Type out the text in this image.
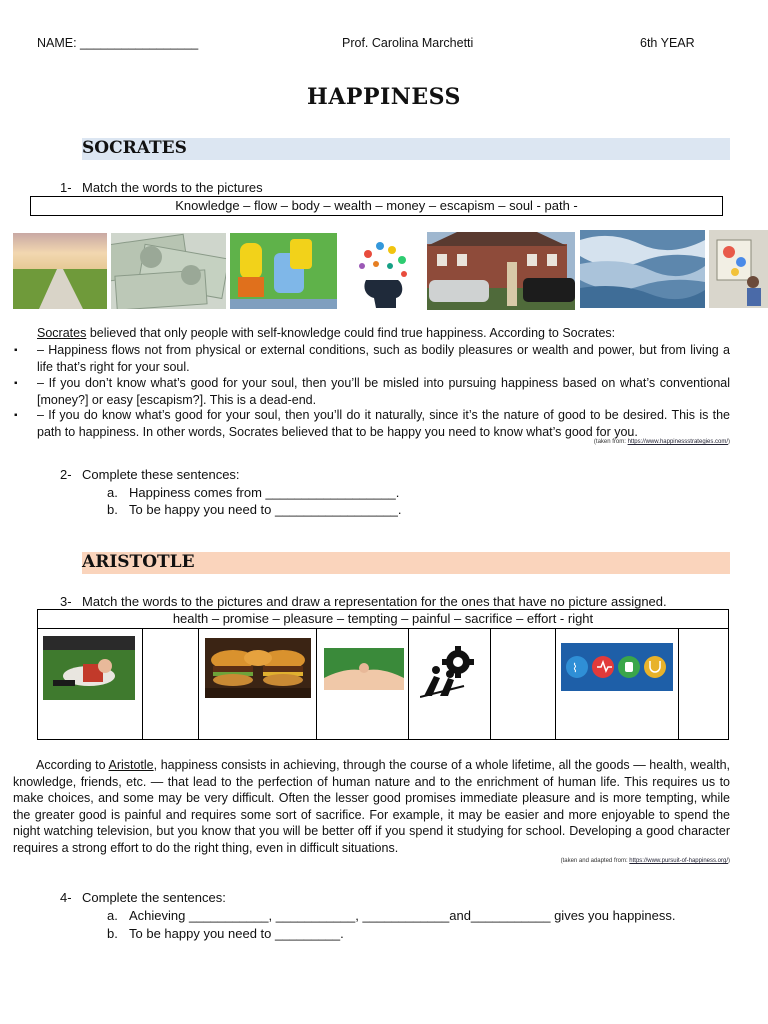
NAME: _________________	Prof. Carolina Marchetti	6th YEAR
HAPPINESS
SOCRATES
1- Match the words to the pictures
Knowledge – flow – body – wealth – money – escapism – soul - path -
Socrates believed that only people with self-knowledge could find true happiness. According to Socrates:
▪ – Happiness flows not from physical or external conditions, such as bodily pleasures or wealth and power, but from living a life that’s right for your soul.
▪ – If you don’t know what’s good for your soul, then you’ll be misled into pursuing happiness based on what’s conventional [money?] or easy [escapism?]. This is a dead-end.
▪ – If you do know what’s good for your soul, then you’ll do it naturally, since it’s the nature of good to be desired. This is the path to happiness. In other words, Socrates believed that to be happy you need to know what’s good for you.
(taken from: https://www.happinessstrategies.com/)
2- Complete these sentences:
a. Happiness comes from __________________.
b. To be happy you need to _________________.
ARISTOTLE
3- Match the words to the pictures and draw a representation for the ones that have no picture assigned.
health – promise – pleasure – tempting – painful – sacrifice – effort - right
⌇
According to Aristotle, happiness consists in achieving, through the course of a whole lifetime, all the goods — health, wealth, knowledge, friends, etc. — that lead to the perfection of human nature and to the enrichment of human life. This requires us to make choices, and some may be very difficult. Often the lesser good promises immediate pleasure and is more tempting, while the greater good is painful and requires some sort of sacrifice. For example, it may be easier and more enjoyable to spend the night watching television, but you know that you will be better off if you spend it studying for school. Developing a good character requires a strong effort to do the right thing, even in difficult situations.
(taken and adapted from: https://www.pursuit-of-happiness.org/)
4- Complete the sentences:
a. Achieving ___________, ___________, ____________and___________ gives you happiness.
b. To be happy you need to _________.
